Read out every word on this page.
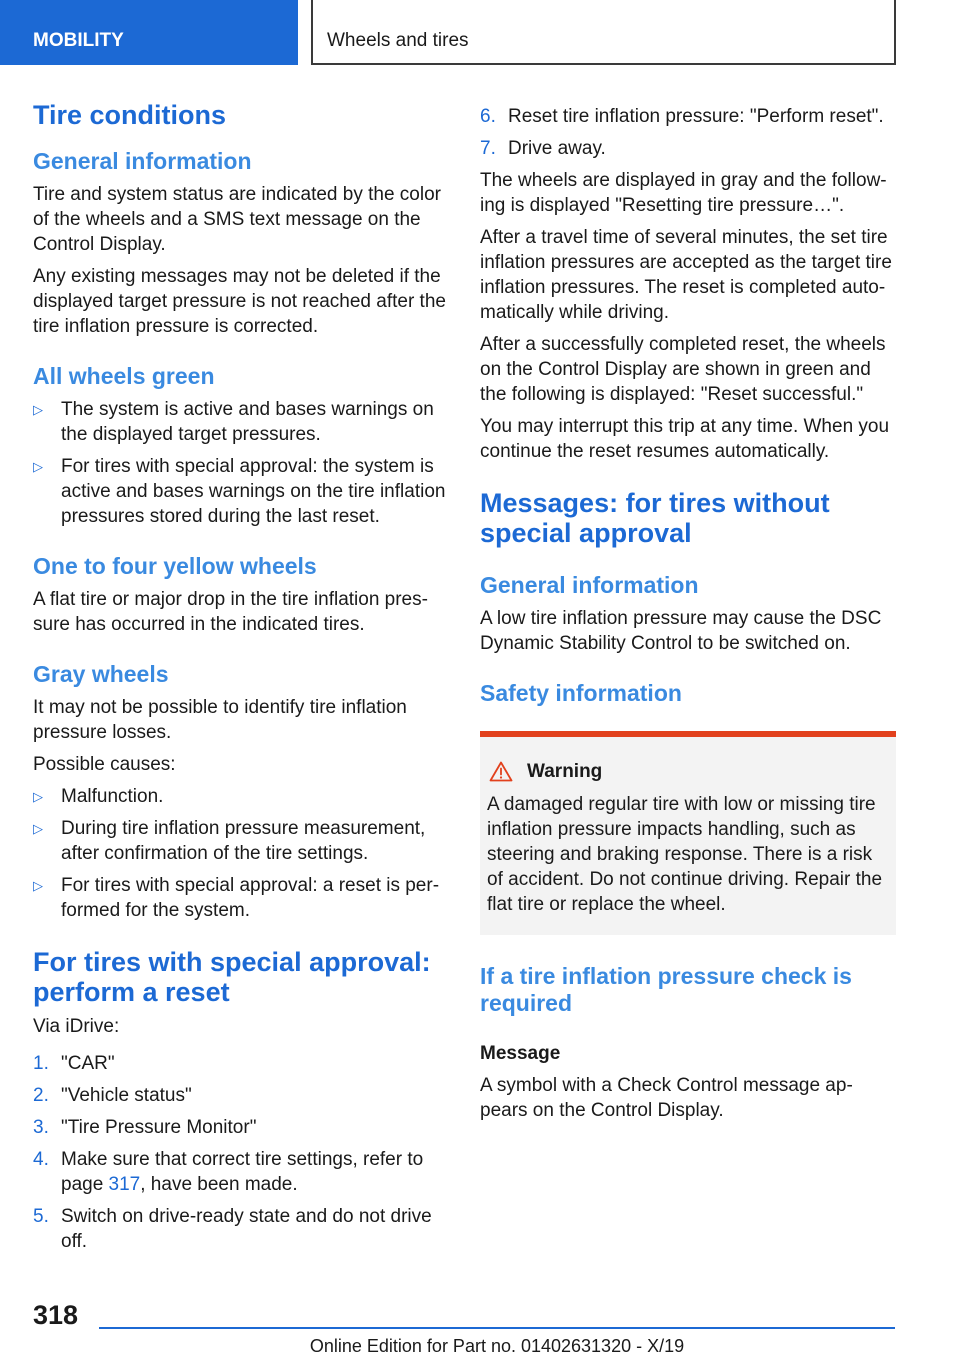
MOBILITY	Wheels and tires
Tire conditions
General information

Tire and system status are indicated by the color of the wheels and a SMS text message on the Control Display.

Any existing messages may not be deleted if the displayed target pressure is not reached after the tire inflation pressure is corrected.

All wheels green
▷ The system is active and bases warnings on the displayed target pressures.
▷ For tires with special approval: the system is active and bases warnings on the tire inflation pressures stored during the last reset.
One to four yellow wheels

A flat tire or major drop in the tire inflation pres‐sure has occurred in the indicated tires.

Gray wheels

It may not be possible to identify tire inflation pressure losses.

Possible causes:

▷ Malfunction.
▷ During tire inflation pressure measurement, after confirmation of the tire settings.
▷ For tires with special approval: a reset is per‐formed for the system.
For tires with special approval: perform a reset

Via iDrive:

1. "CAR"
2. "Vehicle status"
3. "Tire Pressure Monitor"
4. Make sure that correct tire settings, refer to page 317, have been made.
5. Switch on drive-ready state and do not drive off.
6. Reset tire inflation pressure: "Perform reset".
7. Drive away.

The wheels are displayed in gray and the follow‐ing is displayed "Resetting tire pressure…".

After a travel time of several minutes, the set tire inflation pressures are accepted as the target tire inflation pressures. The reset is completed auto‐matically while driving.

After a successfully completed reset, the wheels on the Control Display are shown in green and the following is displayed: "Reset successful."

You may interrupt this trip at any time. When you continue the reset resumes automatically.

Messages: for tires without special approval
General information

A low tire inflation pressure may cause the DSC Dynamic Stability Control to be switched on.

Safety information
Warning
A damaged regular tire with low or missing tire inflation pressure impacts handling, such as steering and braking response. There is a risk of accident. Do not continue driving. Repair the flat tire or replace the wheel.
If a tire inflation pressure check is required
Message

A symbol with a Check Control message ap‐pears on the Control Display.

318
Online Edition for Part no. 01402631320 - X/19
